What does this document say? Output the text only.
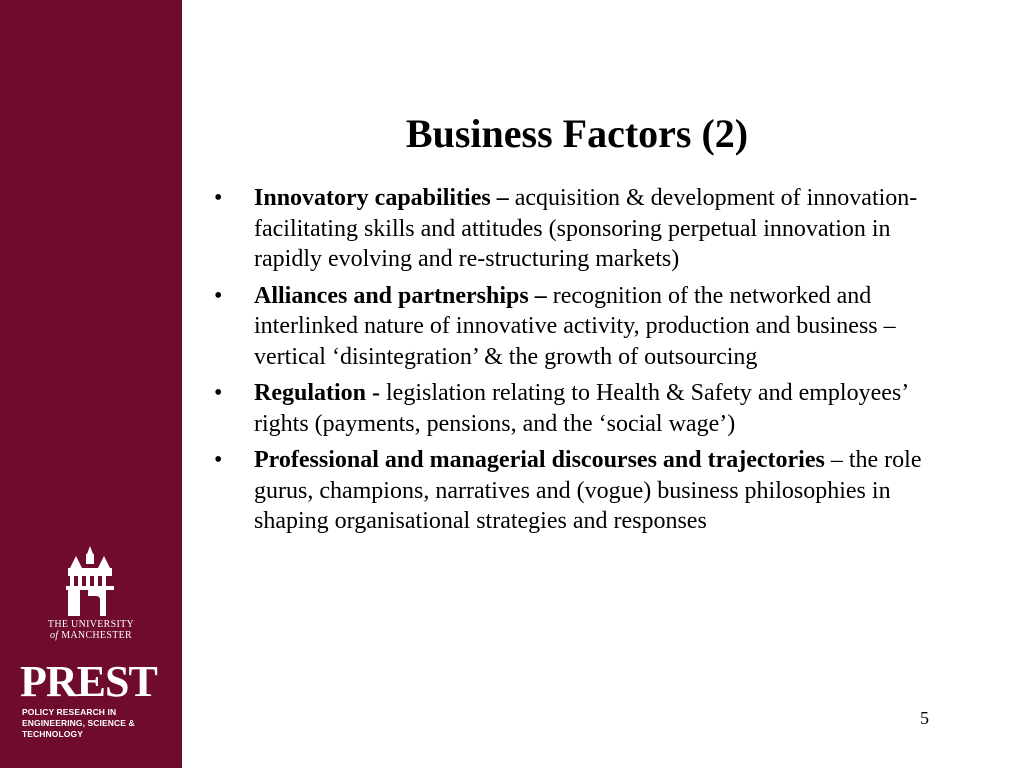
THE UNIVERSITY
of MANCHESTER
PREST
POLICY RESEARCH IN
ENGINEERING, SCIENCE & TECHNOLOGY
Business Factors (2)
• Innovatory capabilities – acquisition & development of innovation-facilitating skills and attitudes (sponsoring perpetual innovation in rapidly evolving and re-structuring markets)
• Alliances and partnerships – recognition of the networked and interlinked nature of innovative activity, production and business – vertical ‘disintegration’ & the growth of outsourcing
• Regulation - legislation relating to Health & Safety and employees’ rights (payments, pensions, and the ‘social wage’)
• Professional and managerial discourses and trajectories – the role gurus, champions, narratives and (vogue) business philosophies in shaping organisational strategies and responses
5
